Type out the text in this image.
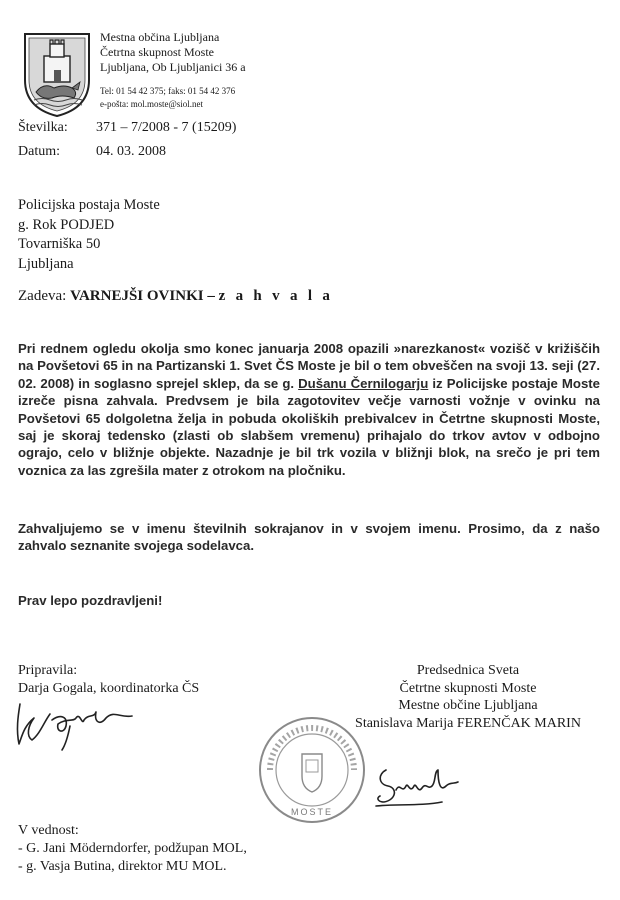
Mestna občina Ljubljana
Četrtna skupnost Moste
Ljubljana, Ob Ljubljanici 36 a
Tel: 01 54 42 375; faks: 01 54 42 376
e-pošta: mol.moste@siol.net
Številka: 371 – 7/2008 - 7 (15209)
Datum:	04. 03. 2008
Policijska postaja Moste
g. Rok PODJED
Tovarniška 50
Ljubljana
Zadeva: VARNEJŠI OVINKI – z a h v a l a
Pri rednem ogledu okolja smo konec januarja 2008 opazili »narezkanost« vozišč v križiščih na Povšetovi 65 in na Partizanski 1. Svet ČS Moste je bil o tem obveščen na svoji 13. seji (27. 02. 2008) in soglasno sprejel sklep, da se g. Dušanu Černilogarju iz Policijske postaje Moste izreče pisna zahvala. Predvsem je bila zagotovitev večje varnosti vožnje v ovinku na Povšetovi 65 dolgoletna želja in pobuda okoliških prebivalcev in Četrtne skupnosti Moste, saj je skoraj tedensko (zlasti ob slabšem vremenu) prihajalo do trkov avtov v odbojno ograjo, celo v bližnje objekte. Nazadnje je bil trk vozila v bližnji blok, na srečo je pri tem voznica za las zgrešila mater z otrokom na pločniku.
Zahvaljujemo se v imenu številnih sokrajanov in v svojem imenu. Prosimo, da z našo zahvalo seznanite svojega sodelavca.
Prav lepo pozdravljeni!
Pripravila:
Darja Gogala, koordinatorka ČS
Predsednica Sveta
Četrtne skupnosti Moste
Mestne občine Ljubljana
Stanislava Marija FERENČAK MARIN
MOSTE
V vednost:
- G. Jani Möderndorfer, podžupan MOL,
- g. Vasja Butina, direktor MU MOL.
